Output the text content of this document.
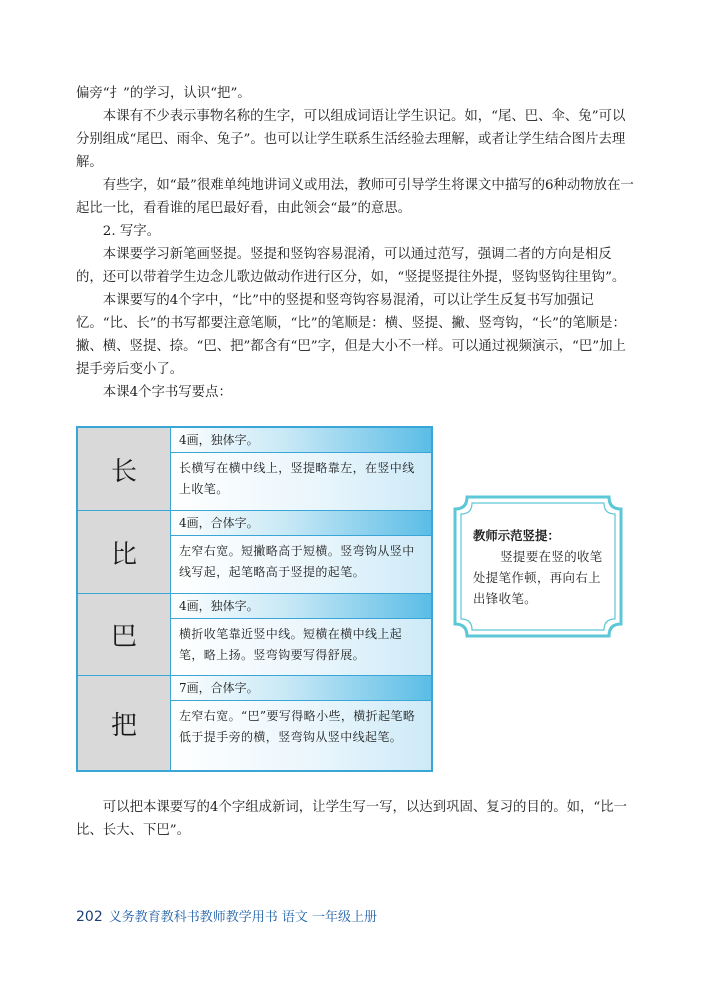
偏旁“扌”的学习，认识“把”。

本课有不少表示事物名称的生字，可以组成词语让学生识记。如，“尾、巴、伞、兔”可以分别组成“尾巴、雨伞、兔子”。也可以让学生联系生活经验去理解，或者让学生结合图片去理解。

有些字，如“最”很难单纯地讲词义或用法，教师可引导学生将课文中描写的6种动物放在一起比一比，看看谁的尾巴最好看，由此领会“最”的意思。

2. 写字。

本课要学习新笔画竖提。竖提和竖钩容易混淆，可以通过范写，强调二者的方向是相反的，还可以带着学生边念儿歌边做动作进行区分，如，“竖提竖提往外提，竖钩竖钩往里钩”。

本课要写的4个字中，“比”中的竖提和竖弯钩容易混淆，可以让学生反复书写加强记忆。“比、长”的书写都要注意笔顺，“比”的笔顺是：横、竖提、撇、竖弯钩，“长”的笔顺是：撇、横、竖提、捺。“巴、把”都含有“巴”字，但是大小不一样。可以通过视频演示，“巴”加上提手旁后变小了。

本课4个字书写要点：

长
4画，独体字。
长横写在横中线上，竖提略靠左，在竖中线上收笔。
比
4画，合体字。
左窄右宽。短撇略高于短横。竖弯钩从竖中线写起，起笔略高于竖提的起笔。
巴
4画，独体字。
横折收笔靠近竖中线。短横在横中线上起笔，略上扬。竖弯钩要写得舒展。
把
7画，合体字。
左窄右宽。“巴”要写得略小些，横折起笔略低于提手旁的横，竖弯钩从竖中线起笔。
教师示范竖提：
竖提要在竖的收笔处提笔作顿，再向右上出锋收笔。

可以把本课要写的4个字组成新词，让学生写一写，以达到巩固、复习的目的。如，“比一比、长大、下巴”。

202 义务教育教科书教师教学用书 语文 一年级上册
